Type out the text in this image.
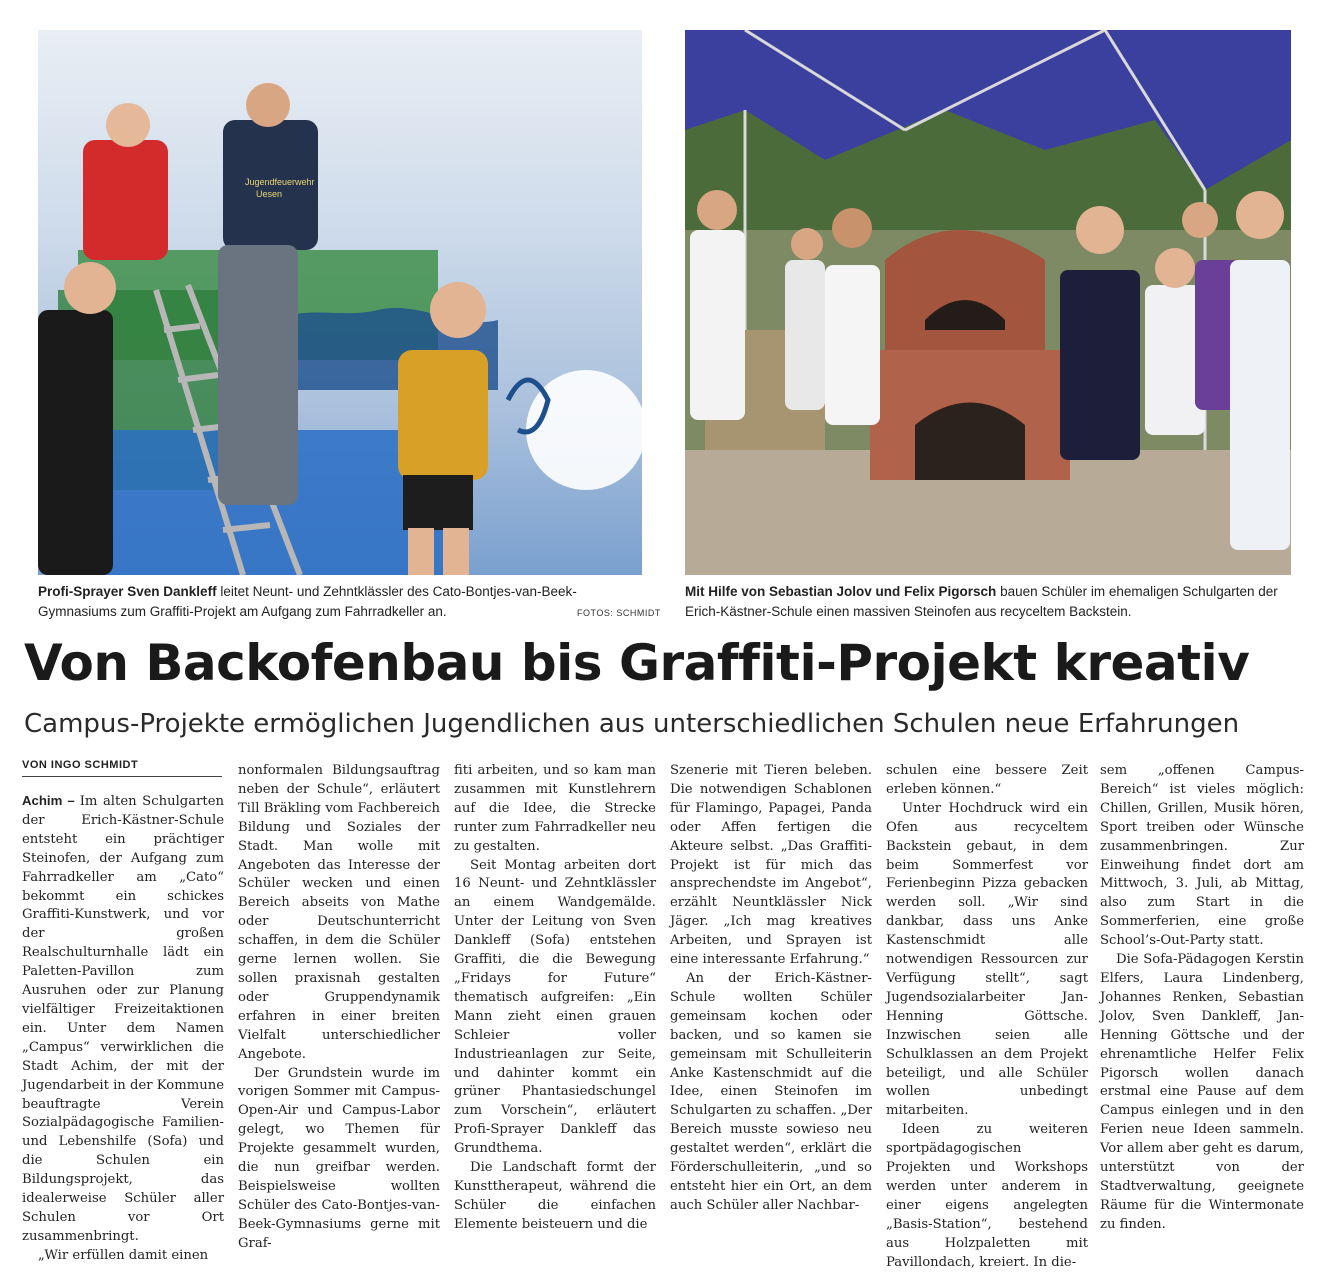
Jugendfeuerwehr
Uesen
Profi-Sprayer Sven Dankleff leitet Neunt- und Zehntklässler des Cato-Bontjes-van-Beek-Gymnasiums zum Graffiti-Projekt am Aufgang zum Fahrradkeller an.	FOTOS: SCHMIDT
Mit Hilfe von Sebastian Jolov und Felix Pigorsch bauen Schüler im ehemaligen Schulgarten der Erich-Kästner-Schule einen massiven Steinofen aus recyceltem Backstein.
Von Backofenbau bis Graffiti-Projekt kreativ
Campus-Projekte ermöglichen Jugendlichen aus unterschiedlichen Schulen neue Erfahrungen
VON INGO SCHMIDT

Achim – Im alten Schulgarten der Erich-Kästner-Schule entsteht ein prächtiger Steinofen, der Aufgang zum Fahrradkeller am „Cato“ bekommt ein schickes Graffiti-Kunstwerk, und vor der großen Realschulturnhalle lädt ein Paletten-Pavillon zum Ausruhen oder zur Planung vielfältiger Freizeitaktionen ein. Unter dem Namen „Campus“ verwirklichen die Stadt Achim, der mit der Jugendarbeit in der Kommune beauftragte Verein Sozialpädagogische Familien- und Lebenshilfe (Sofa) und die Schulen ein Bildungsprojekt, das idealerweise Schüler aller Schulen vor Ort zusammenbringt.

„Wir erfüllen damit einen

nonformalen Bildungsauftrag neben der Schule“, erläutert Till Bräkling vom Fachbereich Bildung und Soziales der Stadt. Man wolle mit Angeboten das Interesse der Schüler wecken und einen Bereich abseits von Mathe oder Deutschunterricht schaffen, in dem die Schüler gerne lernen wollen. Sie sollen praxisnah gestalten oder Gruppendynamik erfahren in einer breiten Vielfalt unterschiedlicher Angebote.

Der Grundstein wurde im vorigen Sommer mit Campus-Open-Air und Campus-Labor gelegt, wo Themen für Projekte gesammelt wurden, die nun greifbar werden. Beispielsweise wollten Schüler des Cato-Bontjes-van-Beek-Gymnasiums gerne mit Graf-

fiti arbeiten, und so kam man zusammen mit Kunstlehrern auf die Idee, die Strecke runter zum Fahrradkeller neu zu gestalten.

Seit Montag arbeiten dort 16 Neunt- und Zehntklässler an einem Wandgemälde. Unter der Leitung von Sven Dankleff (Sofa) entstehen Graffiti, die die Bewegung „Fridays for Future“ thematisch aufgreifen: „Ein Mann zieht einen grauen Schleier voller Industrieanlagen zur Seite, und dahinter kommt ein grüner Phantasiedschungel zum Vorschein“, erläutert Profi-Sprayer Dankleff das Grundthema.

Die Landschaft formt der Kunsttherapeut, während die Schüler die einfachen Elemente beisteuern und die

Szenerie mit Tieren beleben. Die notwendigen Schablonen für Flamingo, Papagei, Panda oder Affen fertigen die Akteure selbst. „Das Graffiti-Projekt ist für mich das ansprechendste im Angebot“, erzählt Neuntklässler Nick Jäger. „Ich mag kreatives Arbeiten, und Sprayen ist eine interessante Erfahrung.“

An der Erich-Kästner-Schule wollten Schüler gemeinsam kochen oder backen, und so kamen sie gemeinsam mit Schulleiterin Anke Kastenschmidt auf die Idee, einen Steinofen im Schulgarten zu schaffen. „Der Bereich musste sowieso neu gestaltet werden“, erklärt die Förderschulleiterin, „und so entsteht hier ein Ort, an dem auch Schüler aller Nachbar-

schulen eine bessere Zeit erleben können.“

Unter Hochdruck wird ein Ofen aus recyceltem Backstein gebaut, in dem beim Sommerfest vor Ferienbeginn Pizza gebacken werden soll. „Wir sind dankbar, dass uns Anke Kastenschmidt alle notwendigen Ressourcen zur Verfügung stellt“, sagt Jugendsozialarbeiter Jan-Henning Göttsche. Inzwischen seien alle Schulklassen an dem Projekt beteiligt, und alle Schüler wollen unbedingt mitarbeiten.

Ideen zu weiteren sportpädagogischen Projekten und Workshops werden unter anderem in einer eigens angelegten „Basis-Station“, bestehend aus Holzpaletten mit Pavillondach, kreiert. In die-

sem „offenen Campus-Bereich“ ist vieles möglich: Chillen, Grillen, Musik hören, Sport treiben oder Wünsche zusammenbringen. Zur Einweihung findet dort am Mittwoch, 3. Juli, ab Mittag, also zum Start in die Sommerferien, eine große School’s-Out-Party statt.

Die Sofa-Pädagogen Kerstin Elfers, Laura Lindenberg, Johannes Renken, Sebastian Jolov, Sven Dankleff, Jan-Henning Göttsche und der ehrenamtliche Helfer Felix Pigorsch wollen danach erstmal eine Pause auf dem Campus einlegen und in den Ferien neue Ideen sammeln. Vor allem aber geht es darum, unterstützt von der Stadtverwaltung, geeignete Räume für die Wintermonate zu finden.
